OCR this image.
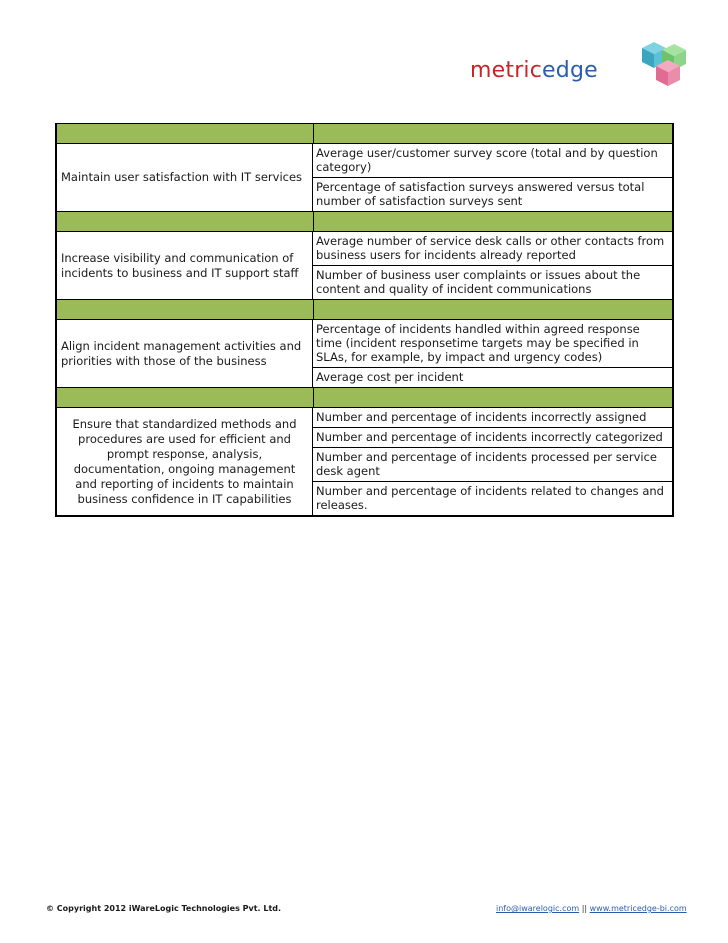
metricedge
Maintain user satisfaction with IT services
Average user/customer survey score (total and by question category)
Percentage of satisfaction surveys answered versus total number of satisfaction surveys sent
Increase visibility and communication of incidents to business and IT support staff
Average number of service desk calls or other contacts from business users for incidents already reported
Number of business user complaints or issues about the content and quality of incident communications
Align incident management activities and priorities with those of the business
Percentage of incidents handled within agreed response time (incident responsetime targets may be specified in SLAs, for example, by impact and urgency codes)
Average cost per incident
Ensure that standardized methods and procedures are used for efficient and prompt response, analysis, documentation, ongoing management and reporting of incidents to maintain business confidence in IT capabilities
Number and percentage of incidents incorrectly assigned
Number and percentage of incidents incorrectly categorized
Number and percentage of incidents processed per service desk agent
Number and percentage of incidents related to changes and releases.
© Copyright 2012 iWareLogic Technologies Pvt. Ltd.	info@iwarelogic.com || www.metricedge-bi.com
